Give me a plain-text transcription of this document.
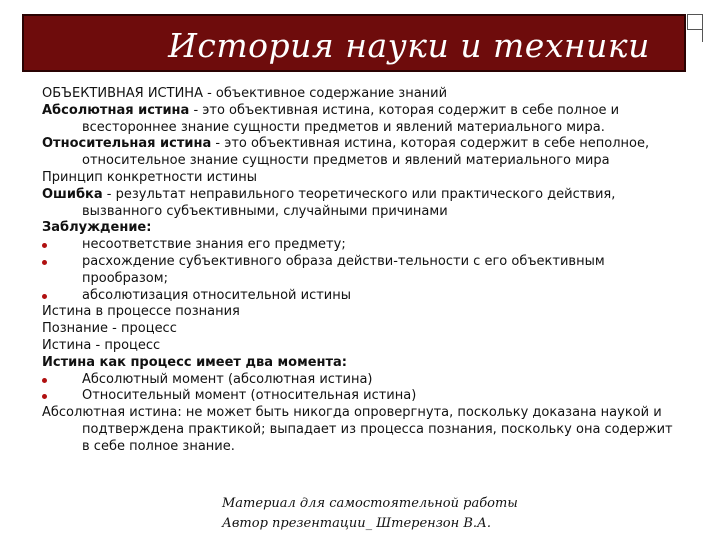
История науки и техники

ОБЪЕКТИВНАЯ ИСТИНА - объективное содержание знаний

Абсолютная истина - это объективная истина, которая содержит в себе полное и всестороннее знание сущности предметов и явлений материального мира.

Относительная истина - это объективная истина, которая содержит в себе неполное, относительное знание сущности предметов и явлений материального мира

Принцип конкретности истины

Ошибка - результат неправильного теоретического или практического действия, вызванного субъективными, случайными причинами

Заблуждение:

несоответствие знания его предмету;
расхождение субъективного образа действи-тельности с его объективным прообразом;
абсолютизация относительной истины

Истина в процессе познания

Познание - процесс

Истина - процесс

Истина как процесс имеет два момента:

Абсолютный момент (абсолютная истина)
Относительный момент (относительная истина)

Абсолютная истина: не может быть никогда опровергнута, поскольку доказана наукой и подтверждена практикой; выпадает из процесса познания, поскольку она содержит в себе полное знание.

Материал для самостоятельной работы
Автор презентации_ Штерензон В.А.
